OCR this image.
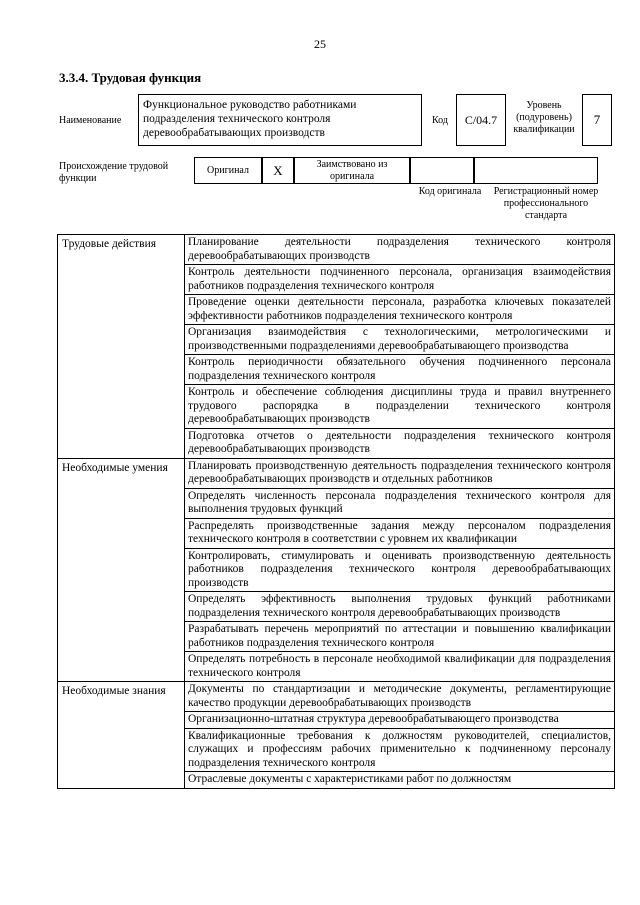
25
3.3.4. Трудовая функция
Наименование
Функциональное руководство работниками подразделения технического контроля деревообрабатывающих производств
Код C/04.7
Уровень (подуровень) квалификации
7
Происхождение трудовой функции
Оригинал X	Заимствовано из оригинала
Код оригинала	Регистрационный номер профессионального стандарта
Трудовые действия	Планирование деятельности подразделения технического контроля деревообрабатывающих производств
	Контроль деятельности подчиненного персонала, организация взаимодействия работников подразделения технического контроля
	Проведение оценки деятельности персонала, разработка ключевых показателей эффективности работников подразделения технического контроля
	Организация взаимодействия с технологическими, метрологическими и производственными подразделениями деревообрабатывающего производства
	Контроль периодичности обязательного обучения подчиненного персонала подразделения технического контроля
	Контроль и обеспечение соблюдения дисциплины труда и правил внутреннего трудового распорядка в подразделении технического контроля деревообрабатывающих производств
	Подготовка отчетов о деятельности подразделения технического контроля деревообрабатывающих производств
Необходимые умения	Планировать производственную деятельность подразделения технического контроля деревообрабатывающих производств и отдельных работников
	Определять численность персонала подразделения технического контроля для выполнения трудовых функций
	Распределять производственные задания между персоналом подразделения технического контроля в соответствии с уровнем их квалификации
	Контролировать, стимулировать и оценивать производственную деятельность работников подразделения технического контроля деревообрабатывающих производств
	Определять эффективность выполнения трудовых функций работниками подразделения технического контроля деревообрабатывающих производств
	Разрабатывать перечень мероприятий по аттестации и повышению квалификации работников подразделения технического контроля
	Определять потребность в персонале необходимой квалификации для подразделения технического контроля
Необходимые знания	Документы по стандартизации и методические документы, регламентирующие качество продукции деревообрабатывающих производств
	Организационно-штатная структура деревообрабатывающего производства
	Квалификационные требования к должностям руководителей, специалистов, служащих и профессиям рабочих применительно к подчиненному персоналу подразделения технического контроля
	Отраслевые документы с характеристиками работ по должностям
